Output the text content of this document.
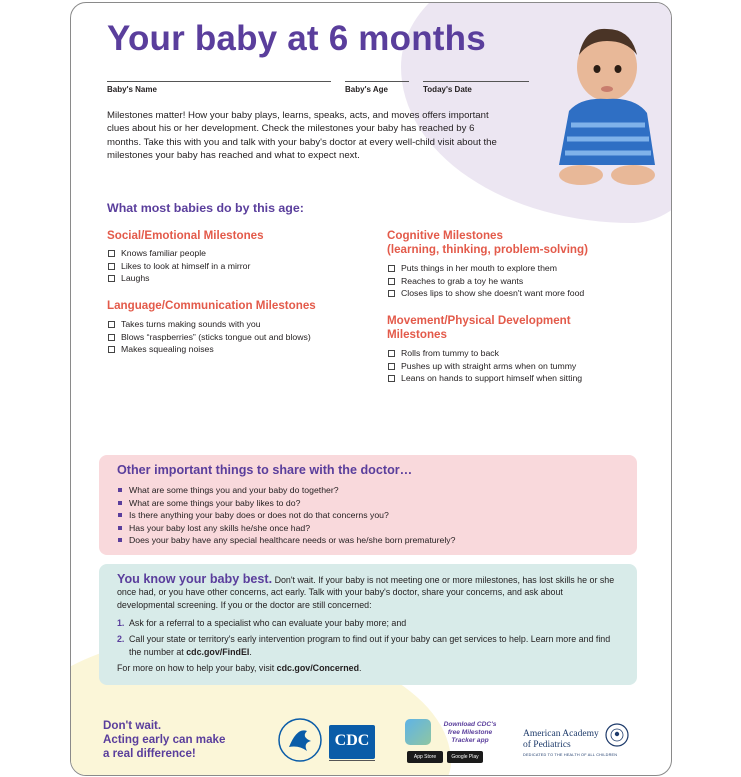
Your baby at 6 months
Baby's Name	Baby's Age	Today's Date

Milestones matter! How your baby plays, learns, speaks, acts, and moves offers important clues about his or her development. Check the milestones your baby has reached by 6 months. Take this with you and talk with your baby's doctor at every well-child visit about the milestones your baby has reached and what to expect next.

What most babies do by this age:
Social/Emotional Milestones
Knows familiar people
Likes to look at himself in a mirror
Laughs
Language/Communication Milestones
Takes turns making sounds with you
Blows “raspberries” (sticks tongue out and blows)
Makes squealing noises
Cognitive Milestones
(learning, thinking, problem-solving)
Puts things in her mouth to explore them
Reaches to grab a toy he wants
Closes lips to show she doesn't want more food
Movement/Physical Development
Milestones
Rolls from tummy to back
Pushes up with straight arms when on tummy
Leans on hands to support himself when sitting
Other important things to share with the doctor…
What are some things you and your baby do together?
What are some things your baby likes to do?
Is there anything your baby does or does not do that concerns you?
Has your baby lost any skills he/she once had?
Does your baby have any special healthcare needs or was he/she born prematurely?

You know your baby best. Don't wait. If your baby is not meeting one or more milestones, has lost skills he or she once had, or you have other concerns, act early. Talk with your baby's doctor, share your concerns, and ask about developmental screening. If you or the doctor are still concerned:

1. Ask for a referral to a specialist who can evaluate your baby more; and
2. Call your state or territory's early intervention program to find out if your baby can get services to help. Learn more and find the number at cdc.gov/FindEI.

For more on how to help your baby, visit cdc.gov/Concerned.

Don't wait.
Acting early can make
a real difference!

CDC

Download CDC's
free Milestone
Tracker app

App Store	Google Play

American Academy
of Pediatrics

DEDICATED TO THE HEALTH OF ALL CHILDREN
